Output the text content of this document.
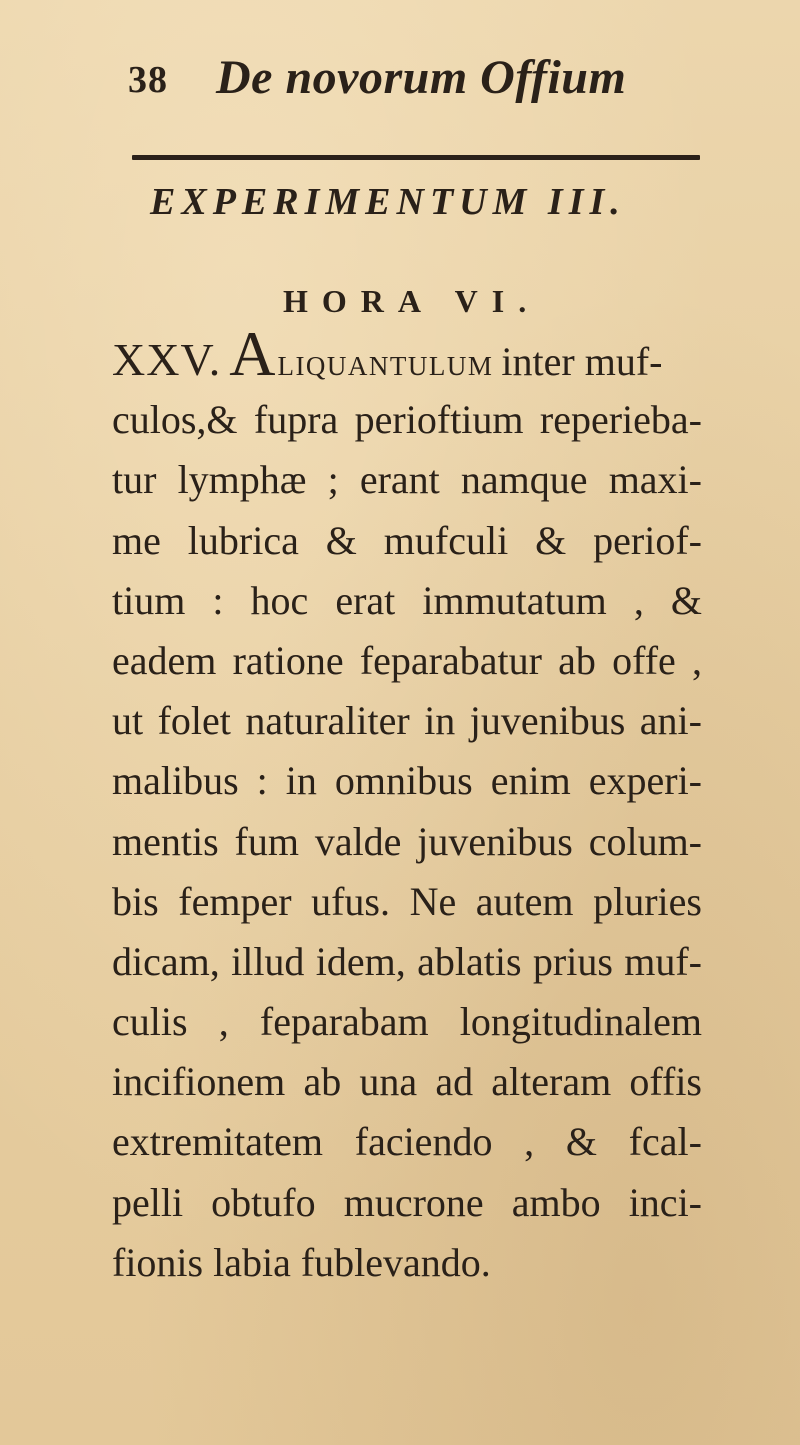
38 De novorum Offium
EXPERIMENTUM III.
HORA VI.
XXV. A LIQUANTULUM inter muf-
culos,& fupra perioftium reperieba-
tur lymphæ ; erant namque maxi-
me lubrica & mufculi & periof-
tium : hoc erat immutatum , &
eadem ratione feparabatur ab offe ,
ut folet naturaliter in juvenibus ani-
malibus : in omnibus enim experi-
mentis fum valde juvenibus colum-
bis femper ufus. Ne autem pluries
dicam, illud idem, ablatis prius muf-
culis , feparabam longitudinalem
incifionem ab una ad alteram offis
extremitatem faciendo , & fcal-
pelli obtufo mucrone ambo inci-
fionis labia fublevando.
